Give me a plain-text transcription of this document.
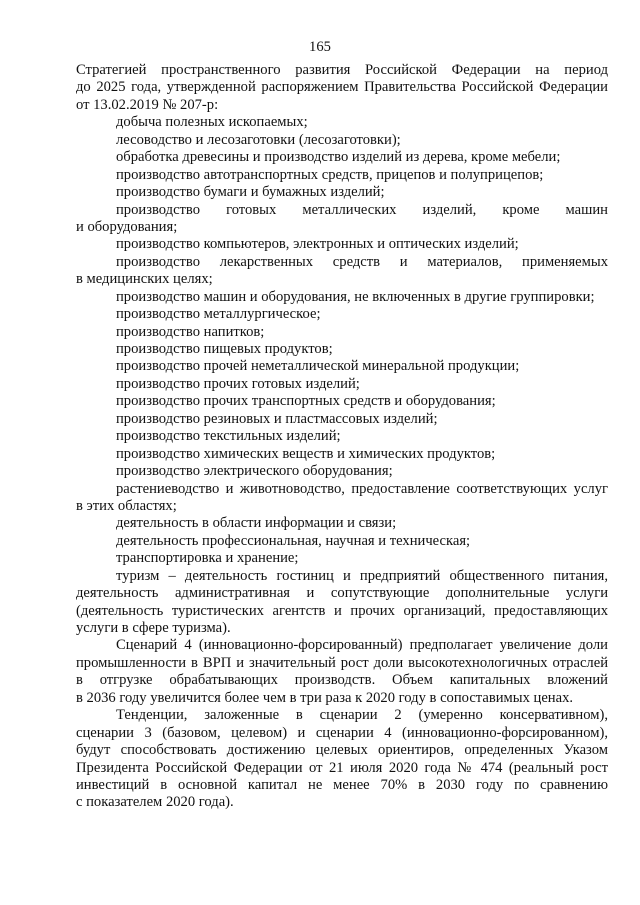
165
Стратегией пространственного развития Российской Федерации на период
до 2025 года, утвержденной распоряжением Правительства Российской Федерации
от 13.02.2019 № 207-р:
добыча полезных ископаемых;
лесоводство и лесозаготовки (лесозаготовки);
обработка древесины и производство изделий из дерева, кроме мебели;
производство автотранспортных средств, прицепов и полуприцепов;
производство бумаги и бумажных изделий;
производство готовых металлических изделий, кроме машин
и оборудования;
производство компьютеров, электронных и оптических изделий;
производство лекарственных средств и материалов, применяемых
в медицинских целях;
производство машин и оборудования, не включенных в другие группировки;
производство металлургическое;
производство напитков;
производство пищевых продуктов;
производство прочей неметаллической минеральной продукции;
производство прочих готовых изделий;
производство прочих транспортных средств и оборудования;
производство резиновых и пластмассовых изделий;
производство текстильных изделий;
производство химических веществ и химических продуктов;
производство электрического оборудования;
растениеводство и животноводство, предоставление соответствующих услуг
в этих областях;
деятельность в области информации и связи;
деятельность профессиональная, научная и техническая;
транспортировка и хранение;
туризм – деятельность гостиниц и предприятий общественного питания,
деятельность административная и сопутствующие дополнительные услуги
(деятельность туристических агентств и прочих организаций, предоставляющих
услуги в сфере туризма).
Сценарий 4 (инновационно-форсированный) предполагает увеличение доли
промышленности в ВРП и значительный рост доли высокотехнологичных отраслей
в отгрузке обрабатывающих производств. Объем капитальных вложений
в 2036 году увеличится более чем в три раза к 2020 году в сопоставимых ценах.
Тенденции, заложенные в сценарии 2 (умеренно консервативном),
сценарии 3 (базовом, целевом) и сценарии 4 (инновационно-форсированном),
будут способствовать достижению целевых ориентиров, определенных Указом
Президента Российской Федерации от 21 июля 2020 года № 474 (реальный рост
инвестиций в основной капитал не менее 70% в 2030 году по сравнению
с показателем 2020 года).
